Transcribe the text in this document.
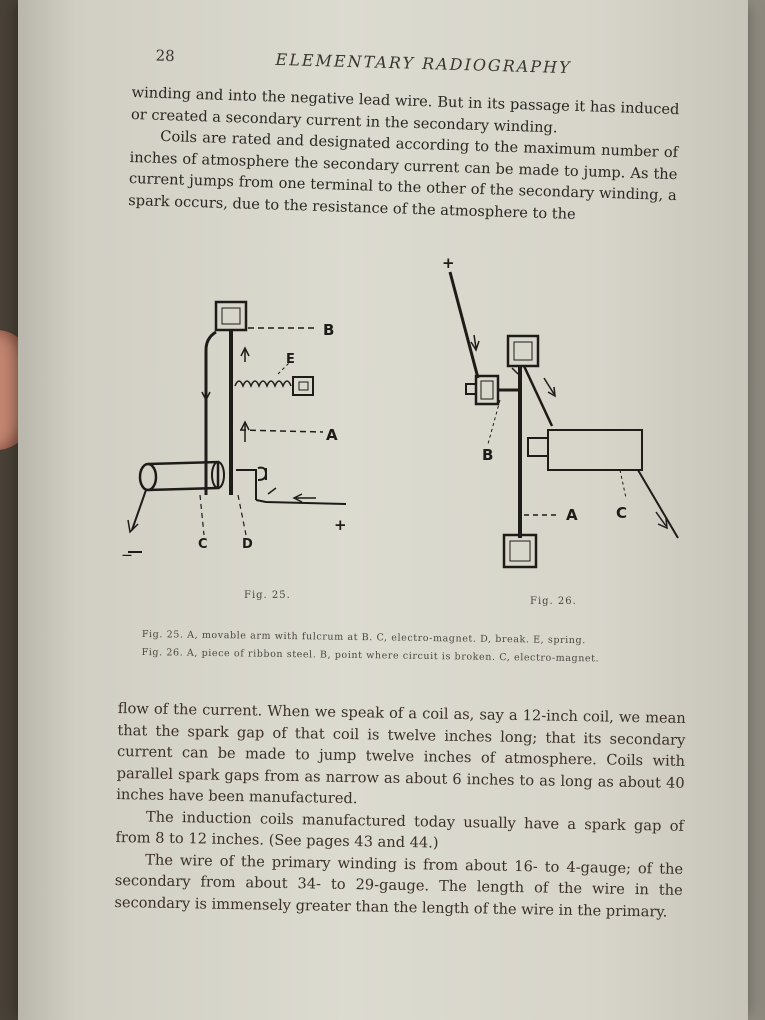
28	ELEMENTARY RADIOGRAPHY

winding and into the negative lead wire. But in its passage it has induced or created a secondary current in the secondary winding.

Coils are rated and designated according to the maximum number of inches of atmosphere the secondary current can be made to jump. As the current jumps from one terminal to the other of the secondary winding, a spark occurs, due to the resistance of the atmosphere to the

B
E
A
+
C	D
—
+
B
A	C
Fig. 25.
Fig. 26.
Fig. 25. A, movable arm with fulcrum at B. C, electro-magnet. D, break. E, spring.
Fig. 26. A, piece of ribbon steel. B, point where circuit is broken. C, electro-magnet.

flow of the current. When we speak of a coil as, say a 12-inch coil, we mean that the spark gap of that coil is twelve inches long; that its secondary current can be made to jump twelve inches of atmosphere. Coils with parallel spark gaps from as narrow as about 6 inches to as long as about 40 inches have been manufactured.

The induction coils manufactured today usually have a spark gap of from 8 to 12 inches. (See pages 43 and 44.)

The wire of the primary winding is from about 16- to 4-gauge; of the secondary from about 34- to 29-gauge. The length of the wire in the secondary is immensely greater than the length of the wire in the primary.
